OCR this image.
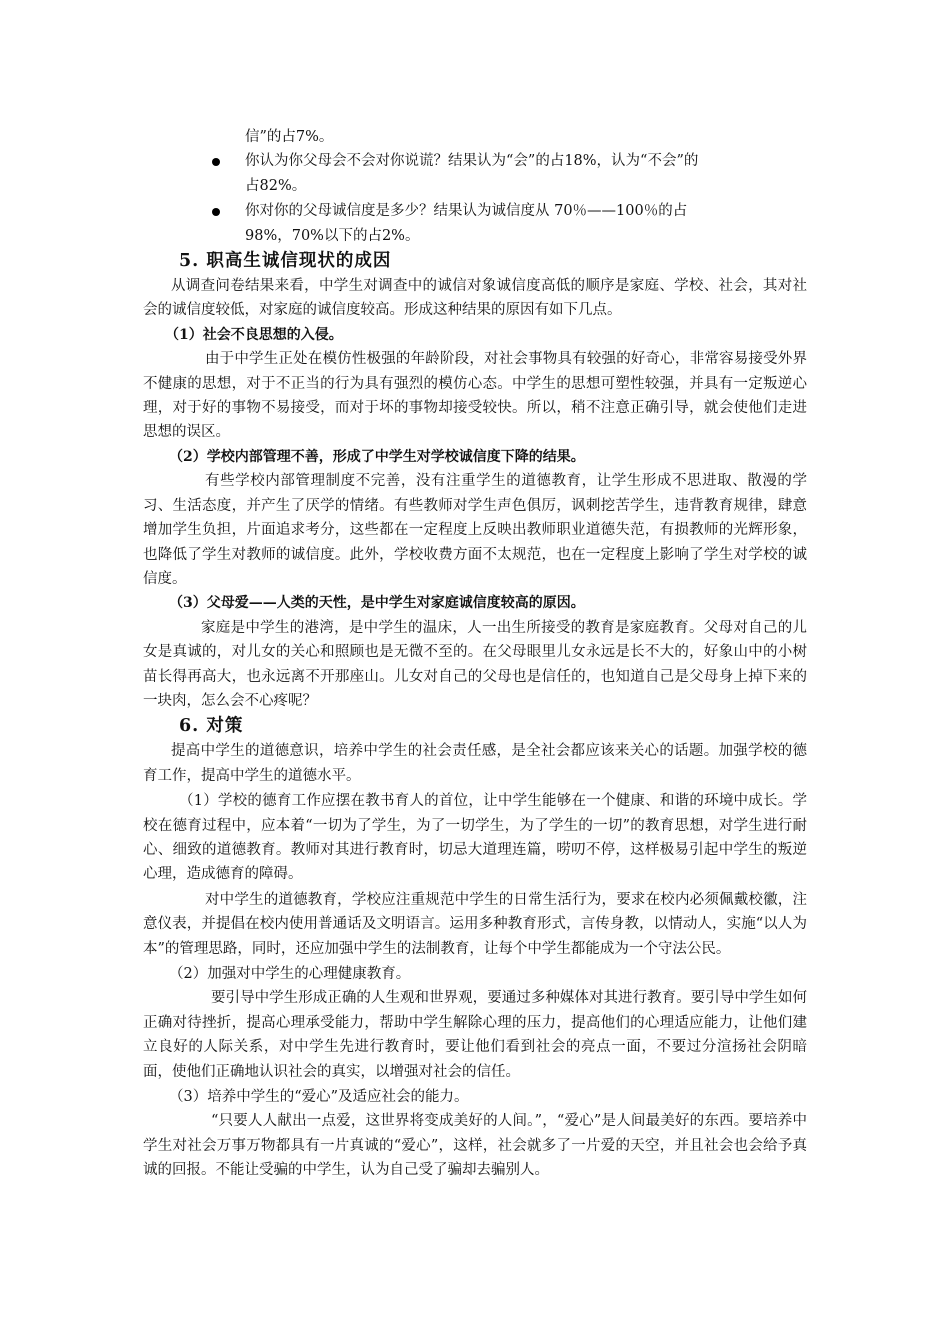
信”的占7%。

你认为你父母会不会对你说谎？结果认为“会”的占18%，认为“不会”的

占82%。

你对你的父母诚信度是多少？结果认为诚信度从 70％——100％的占

98%，70%以下的占2%。

5. 职高生诚信现状的成因

从调查问卷结果来看，中学生对调查中的诚信对象诚信度高低的顺序是家庭、学校、社会，其对社会的诚信度较低，对家庭的诚信度较高。形成这种结果的原因有如下几点。

（1）社会不良思想的入侵。

由于中学生正处在模仿性极强的年龄阶段，对社会事物具有较强的好奇心，非常容易接受外界不健康的思想，对于不正当的行为具有强烈的模仿心态。中学生的思想可塑性较强，并具有一定叛逆心理，对于好的事物不易接受，而对于坏的事物却接受较快。所以，稍不注意正确引导，就会使他们走进思想的误区。

（2）学校内部管理不善，形成了中学生对学校诚信度下降的结果。

有些学校内部管理制度不完善，没有注重学生的道德教育，让学生形成不思进取、散漫的学习、生活态度，并产生了厌学的情绪。有些教师对学生声色俱厉，讽刺挖苦学生，违背教育规律，肆意增加学生负担，片面追求考分，这些都在一定程度上反映出教师职业道德失范，有损教师的光辉形象，也降低了学生对教师的诚信度。此外，学校收费方面不太规范，也在一定程度上影响了学生对学校的诚信度。

（3）父母爱——人类的天性，是中学生对家庭诚信度较高的原因。

家庭是中学生的港湾，是中学生的温床，人一出生所接受的教育是家庭教育。父母对自己的儿女是真诚的，对儿女的关心和照顾也是无微不至的。在父母眼里儿女永远是长不大的，好象山中的小树苗长得再高大，也永远离不开那座山。儿女对自己的父母也是信任的，也知道自己是父母身上掉下来的一块肉，怎么会不心疼呢？

6. 对策

提高中学生的道德意识，培养中学生的社会责任感，是全社会都应该来关心的话题。加强学校的德育工作，提高中学生的道德水平。

（1）学校的德育工作应摆在教书育人的首位，让中学生能够在一个健康、和谐的环境中成长。学校在德育过程中，应本着“一切为了学生，为了一切学生，为了学生的一切”的教育思想，对学生进行耐心、细致的道德教育。教师对其进行教育时，切忌大道理连篇，唠叨不停，这样极易引起中学生的叛逆心理，造成德育的障碍。

对中学生的道德教育，学校应注重规范中学生的日常生活行为，要求在校内必须佩戴校徽，注意仪表，并提倡在校内使用普通话及文明语言。运用多种教育形式，言传身教，以情动人，实施“以人为本”的管理思路，同时，还应加强中学生的法制教育，让每个中学生都能成为一个守法公民。

（2）加强对中学生的心理健康教育。

要引导中学生形成正确的人生观和世界观，要通过多种媒体对其进行教育。要引导中学生如何正确对待挫折，提高心理承受能力，帮助中学生解除心理的压力，提高他们的心理适应能力，让他们建立良好的人际关系，对中学生先进行教育时，要让他们看到社会的亮点一面，不要过分渲扬社会阴暗面，使他们正确地认识社会的真实，以增强对社会的信任。

（3）培养中学生的“爱心”及适应社会的能力。

“只要人人献出一点爱，这世界将变成美好的人间。”，“爱心”是人间最美好的东西。要培养中学生对社会万事万物都具有一片真诚的“爱心”，这样，社会就多了一片爱的天空，并且社会也会给予真诚的回报。不能让受骗的中学生，认为自己受了骗却去骗别人。
